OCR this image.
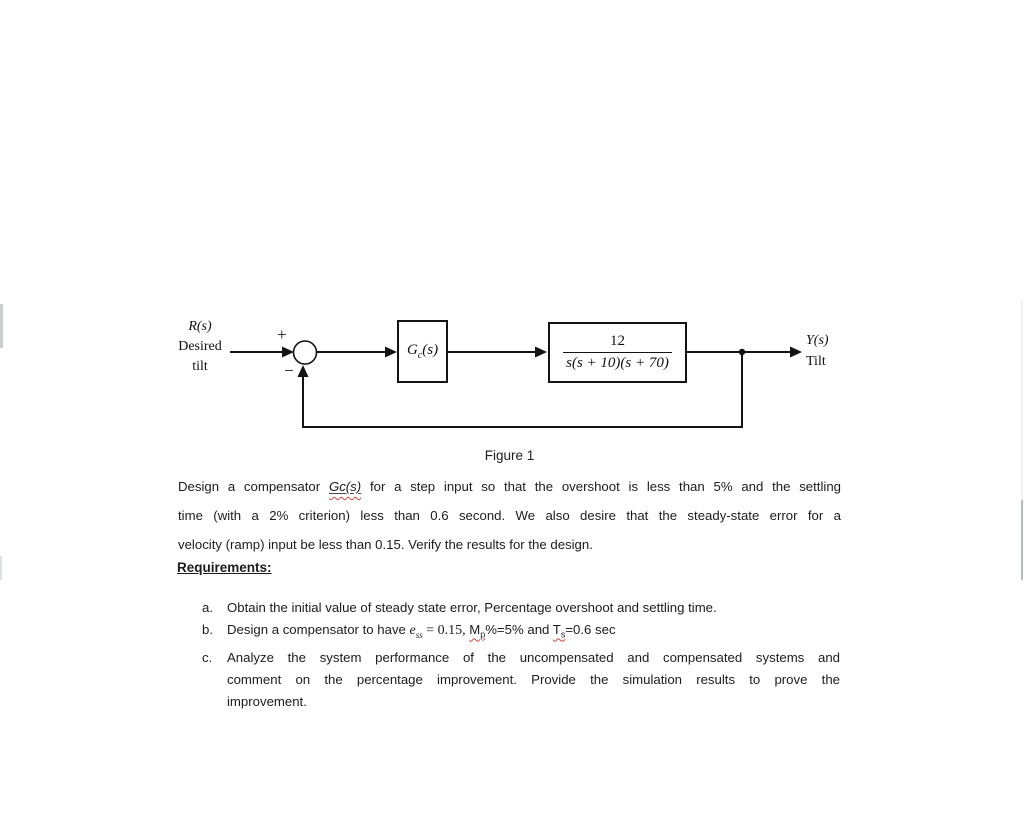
R(s)
Desired
tilt
+
−
$G_c(s)$	$\frac{12}{s(s + 10)(s + 70)}$	Y(s)
Tilt
Figure 1
Design a compensator Gc(s) for a step input so that the overshoot is less than 5% and the settling
time (with a 2% criterion) less than 0.6 second. We also desire that the steady-state error for a
velocity (ramp) input be less than 0.15. Verify the results for the design.
Requirements:
a.	Obtain the initial value of steady state error, Percentage overshoot and settling time.
b.	Design a compensator to have $e_{ss} = 0.15$, $M_p\%=5\%$ and $T_s=0.6$ sec
c.	Analyze the system performance of the uncompensated and compensated systems and
comment on the percentage improvement. Provide the simulation results to prove the
improvement.
